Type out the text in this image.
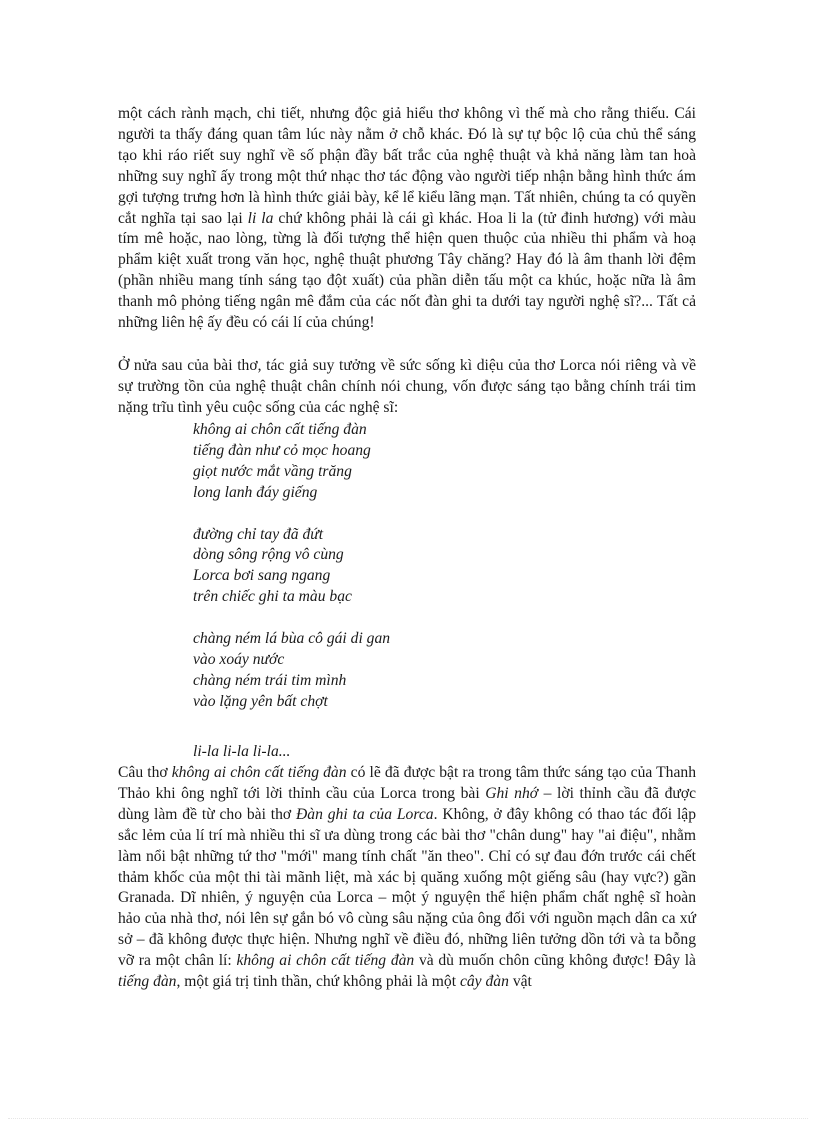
một cách rành mạch, chi tiết, nhưng độc giả hiểu thơ không vì thế mà cho rằng thiếu. Cái người ta thấy đáng quan tâm lúc này nằm ở chỗ khác. Đó là sự tự bộc lộ của chủ thể sáng tạo khi ráo riết suy nghĩ về số phận đầy bất trắc của nghệ thuật và khả năng làm tan hoà những suy nghĩ ấy trong một thứ nhạc thơ tác động vào người tiếp nhận bằng hình thức ám gợi tượng trưng hơn là hình thức giải bày, kể lể kiểu lãng mạn. Tất nhiên, chúng ta có quyền cắt nghĩa tại sao lại li la chứ không phải là cái gì khác. Hoa li la (tử đinh hương) với màu tím mê hoặc, nao lòng, từng là đối tượng thể hiện quen thuộc của nhiều thi phẩm và hoạ phẩm kiệt xuất trong văn học, nghệ thuật phương Tây chăng? Hay đó là âm thanh lời đệm (phần nhiều mang tính sáng tạo đột xuất) của phần diễn tấu một ca khúc, hoặc nữa là âm thanh mô phỏng tiếng ngân mê đắm của các nốt đàn ghi ta dưới tay người nghệ sĩ?... Tất cả những liên hệ ấy đều có cái lí của chúng!

Ở nửa sau của bài thơ, tác giả suy tưởng về sức sống kì diệu của thơ Lorca nói riêng và về sự trường tồn của nghệ thuật chân chính nói chung, vốn được sáng tạo bằng chính trái tim nặng trĩu tình yêu cuộc sống của các nghệ sĩ:

không ai chôn cất tiếng đàn
tiếng đàn như cỏ mọc hoang
giọt nước mắt vầng trăng
long lanh đáy giếng
đường chỉ tay đã đứt
dòng sông rộng vô cùng
Lorca bơi sang ngang
trên chiếc ghi ta màu bạc
chàng ném lá bùa cô gái di gan
vào xoáy nước
chàng ném trái tim mình
vào lặng yên bất chợt
li-la li-la li-la...

Câu thơ không ai chôn cất tiếng đàn có lẽ đã được bật ra trong tâm thức sáng tạo của Thanh Thảo khi ông nghĩ tới lời thỉnh cầu của Lorca trong bài Ghi nhớ – lời thỉnh cầu đã được dùng làm đề từ cho bài thơ Đàn ghi ta của Lorca. Không, ở đây không có thao tác đối lập sắc lẻm của lí trí mà nhiều thi sĩ ưa dùng trong các bài thơ "chân dung" hay "ai điệu", nhằm làm nổi bật những tứ thơ "mới" mang tính chất "ăn theo". Chỉ có sự đau đớn trước cái chết thảm khốc của một thi tài mãnh liệt, mà xác bị quăng xuống một giếng sâu (hay vực?) gần Granada. Dĩ nhiên, ý nguyện của Lorca – một ý nguyện thể hiện phẩm chất nghệ sĩ hoàn hảo của nhà thơ, nói lên sự gắn bó vô cùng sâu nặng của ông đối với nguồn mạch dân ca xứ sở – đã không được thực hiện. Nhưng nghĩ về điều đó, những liên tưởng dồn tới và ta bỗng vỡ ra một chân lí: không ai chôn cất tiếng đàn và dù muốn chôn cũng không được! Đây là tiếng đàn, một giá trị tinh thần, chứ không phải là một cây đàn vật
